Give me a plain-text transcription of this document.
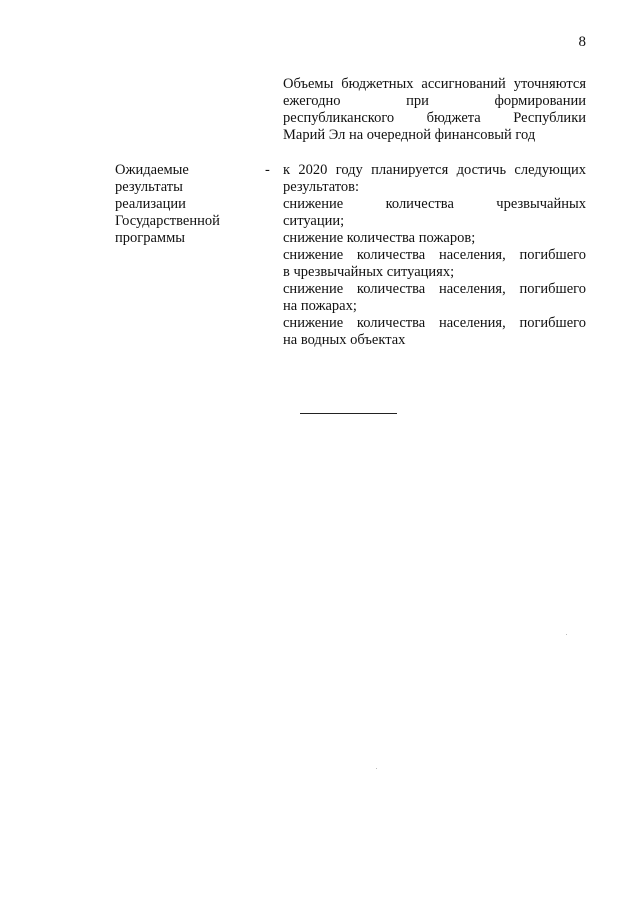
8
Объемы бюджетных ассигнований уточняются
ежегодно при формировании
республиканского бюджета Республики
Марий Эл на очередной финансовый год
Ожидаемые
результаты
реализации
Государственной
программы
- к 2020 году планируется достичь следующих
результатов:
снижение количества чрезвычайных
ситуации;
снижение количества пожаров;
снижение количества населения, погибшего
в чрезвычайных ситуациях;
снижение количества населения, погибшего
на пожарах;
снижение количества населения, погибшего
на водных объектах
